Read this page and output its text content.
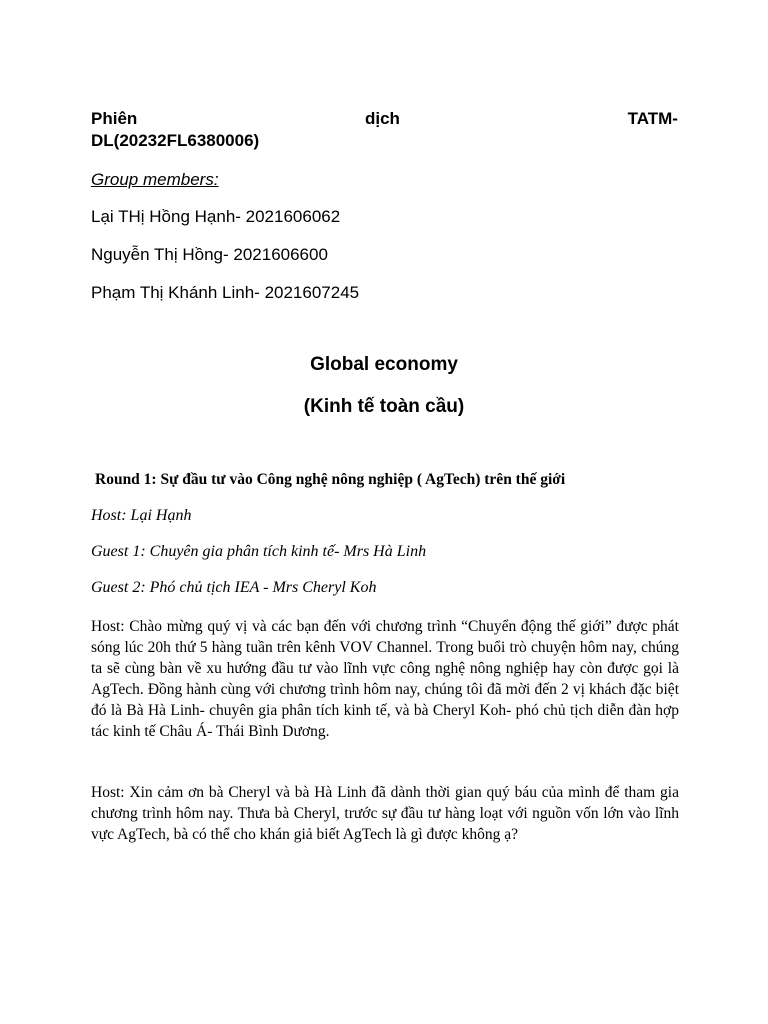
Phiên	dịch	TATM-
DL(20232FL6380006)
Group members:
Lại THị Hồng Hạnh- 2021606062
Nguyễn Thị Hồng- 2021606600
Phạm Thị Khánh Linh- 2021607245
Global economy
(Kinh tế toàn cầu)
Round 1: Sự đầu tư vào Công nghệ nông nghiệp ( AgTech) trên thế giới
Host: Lại Hạnh
Guest 1: Chuyên gia phân tích kinh tế- Mrs Hà Linh
Guest 2: Phó chủ tịch IEA - Mrs Cheryl Koh
Host: Chào mừng quý vị và các bạn đến với chương trình “Chuyển động thế giới” được phát sóng lúc 20h thứ 5 hàng tuần trên kênh VOV Channel. Trong buổi trò chuyện hôm nay, chúng ta sẽ cùng bàn về xu hướng đầu tư vào lĩnh vực công nghệ nông nghiệp hay còn được gọi là AgTech. Đồng hành cùng với chương trình hôm nay, chúng tôi đã mời đến 2 vị khách đặc biệt đó là Bà Hà Linh- chuyên gia phân tích kinh tế, và bà Cheryl Koh- phó chủ tịch diễn đàn hợp tác kinh tế Châu Á- Thái Bình Dương.
Host: Xin cảm ơn bà Cheryl và bà Hà Linh đã dành thời gian quý báu của mình để tham gia chương trình hôm nay. Thưa bà Cheryl, trước sự đầu tư hàng loạt với nguồn vốn lớn vào lĩnh vực AgTech, bà có thể cho khán giả biết AgTech là gì được không ạ?
